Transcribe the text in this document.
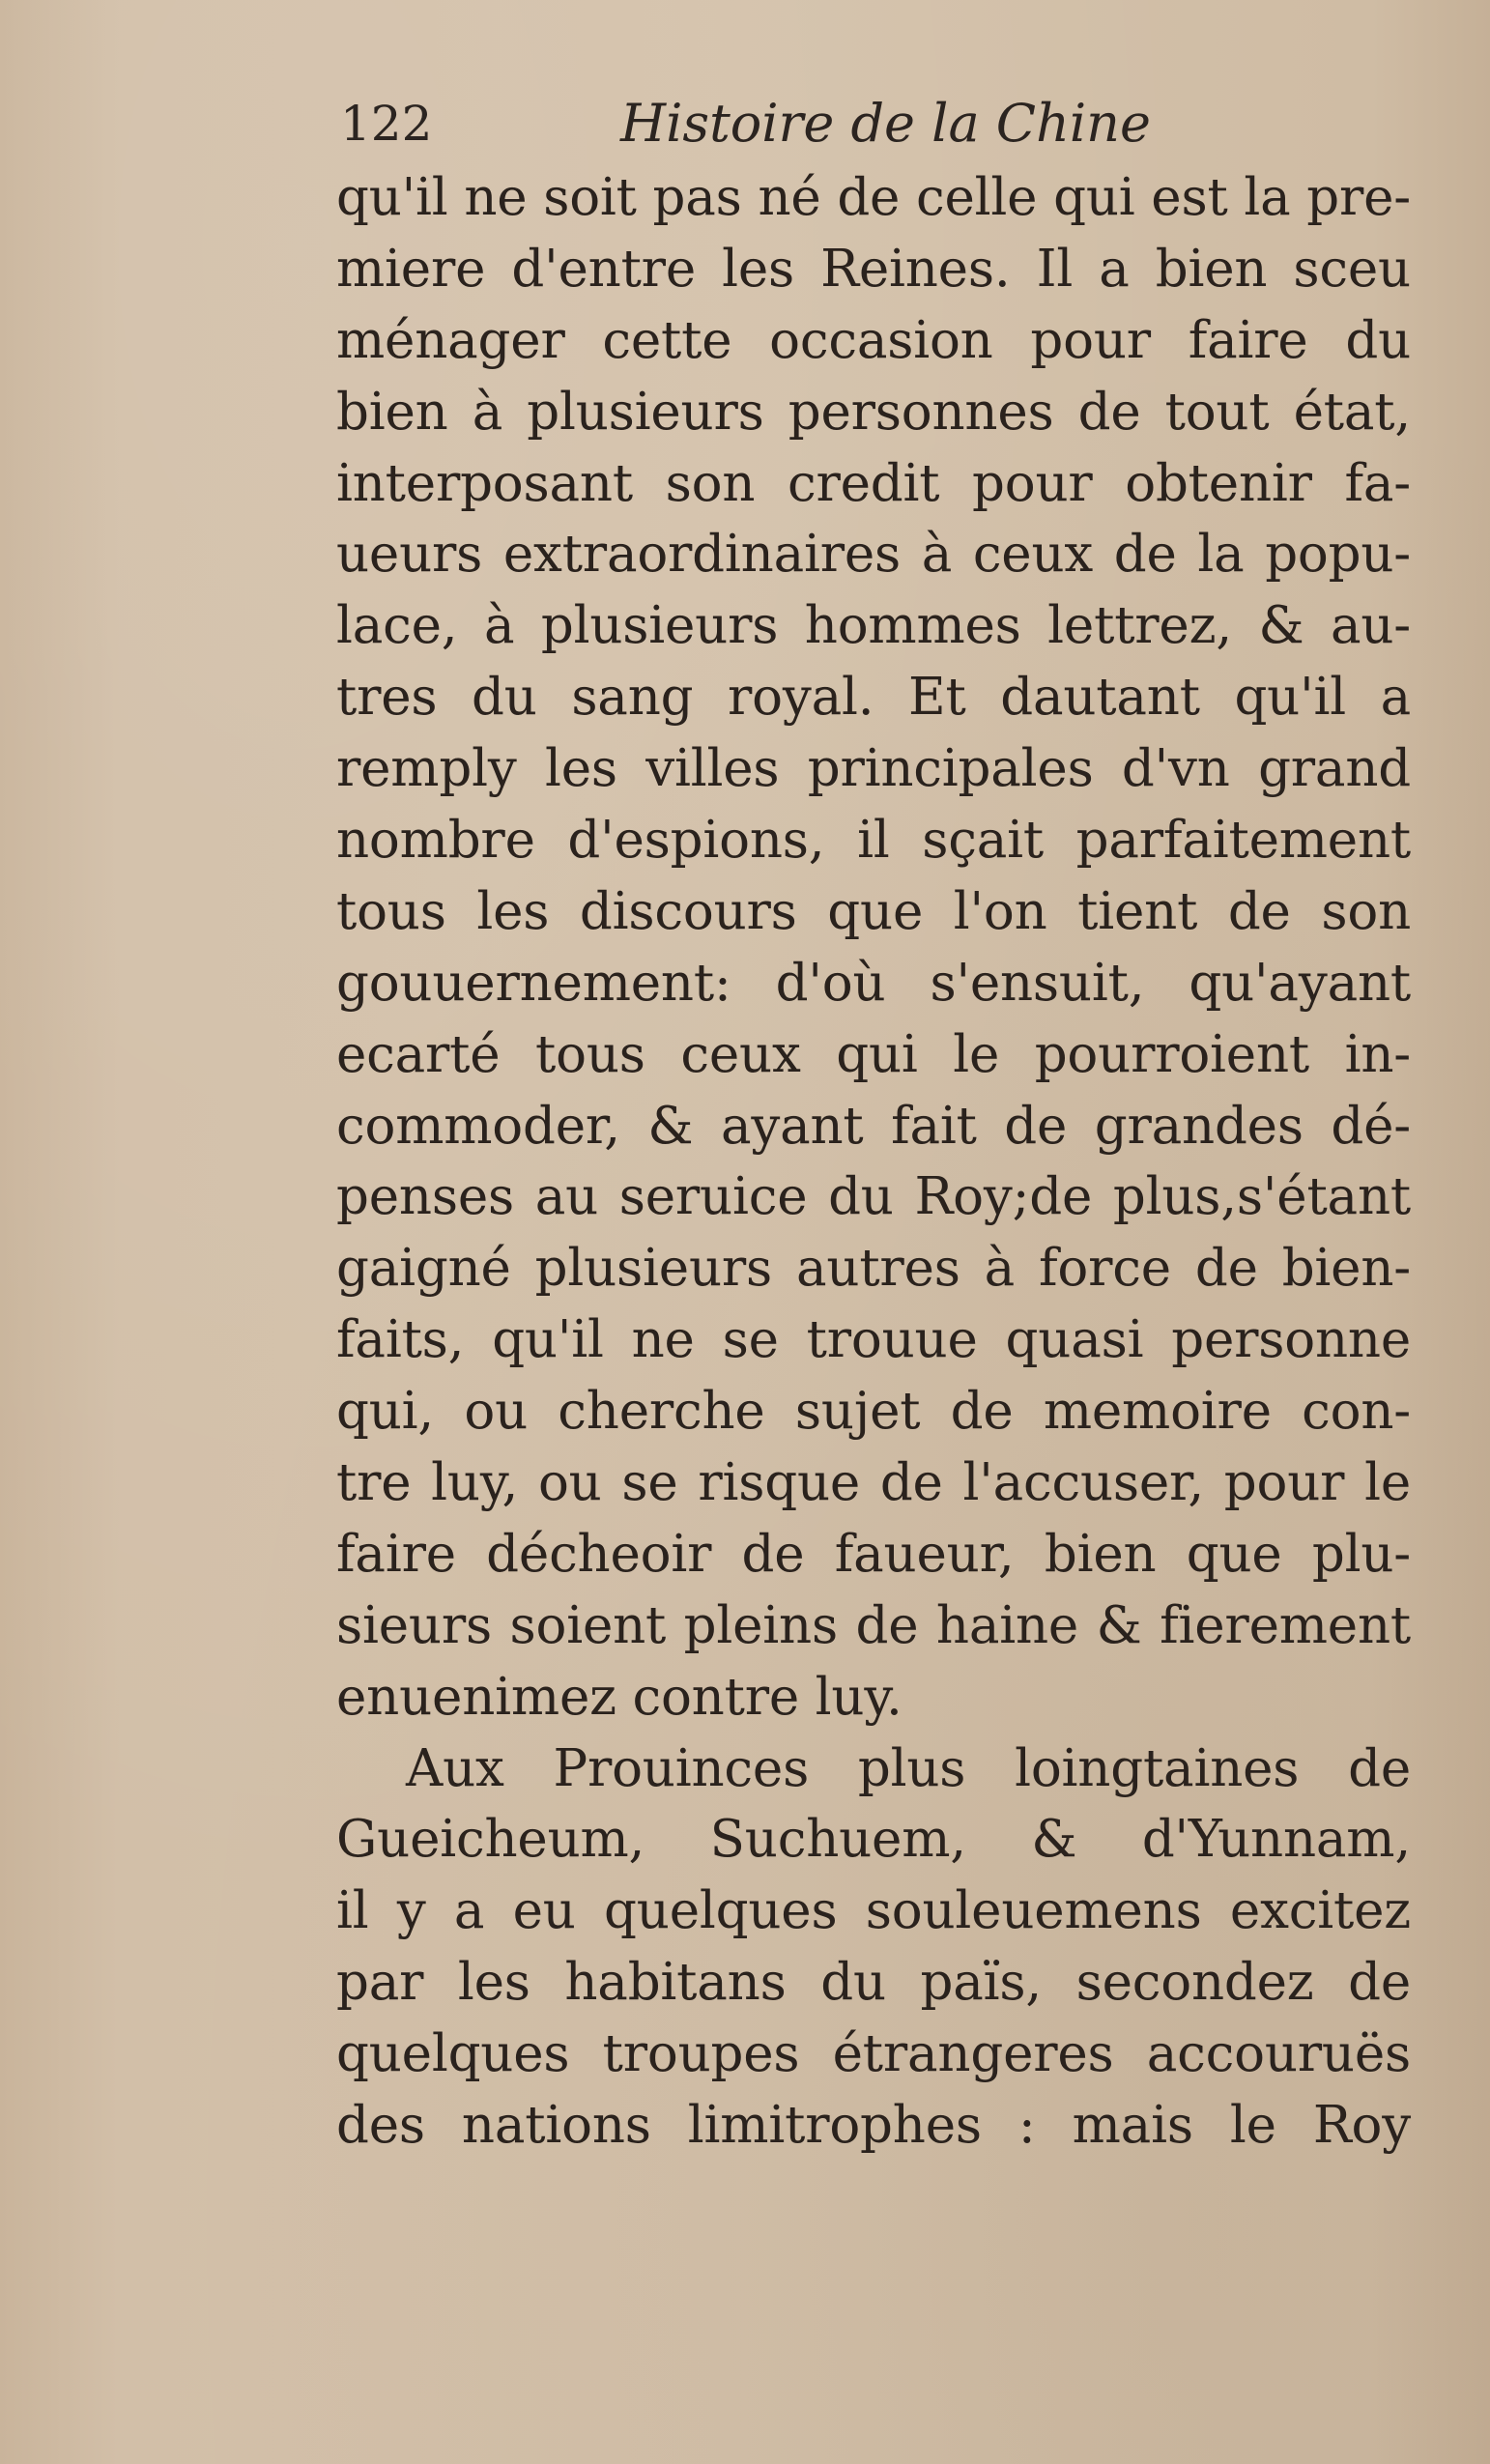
122	Histoire de la Chine
qu'il ne soit pas né de celle qui est la pre-
miere d'entre les Reines. Il a bien sceu
ménager cette occasion pour faire du
bien à plusieurs personnes de tout état,
interposant son credit pour obtenir fa-
ueurs extraordinaires à ceux de la popu-
lace, à plusieurs hommes lettrez, & au-
tres du sang royal. Et dautant qu'il a
remply les villes principales d'vn grand
nombre d'espions, il sçait parfaitement
tous les discours que l'on tient de son
gouuernement: d'où s'ensuit, qu'ayant
ecarté tous ceux qui le pourroient in-
commoder, & ayant fait de grandes dé-
penses au seruice du Roy;de plus,s'étant
gaigné plusieurs autres à force de bien-
faits, qu'il ne se trouue quasi personne
qui, ou cherche sujet de memoire con-
tre luy, ou se risque de l'accuser, pour le
faire décheoir de faueur, bien que plu-
sieurs soient pleins de haine & fierement
enuenimez contre luy.
Aux Prouinces plus loingtaines de
Gueicheum, Suchuem, & d'Yunnam,
il y a eu quelques souleuemens excitez
par les habitans du païs, secondez de
quelques troupes étrangeres accouruës
des nations limitrophes : mais le Roy
